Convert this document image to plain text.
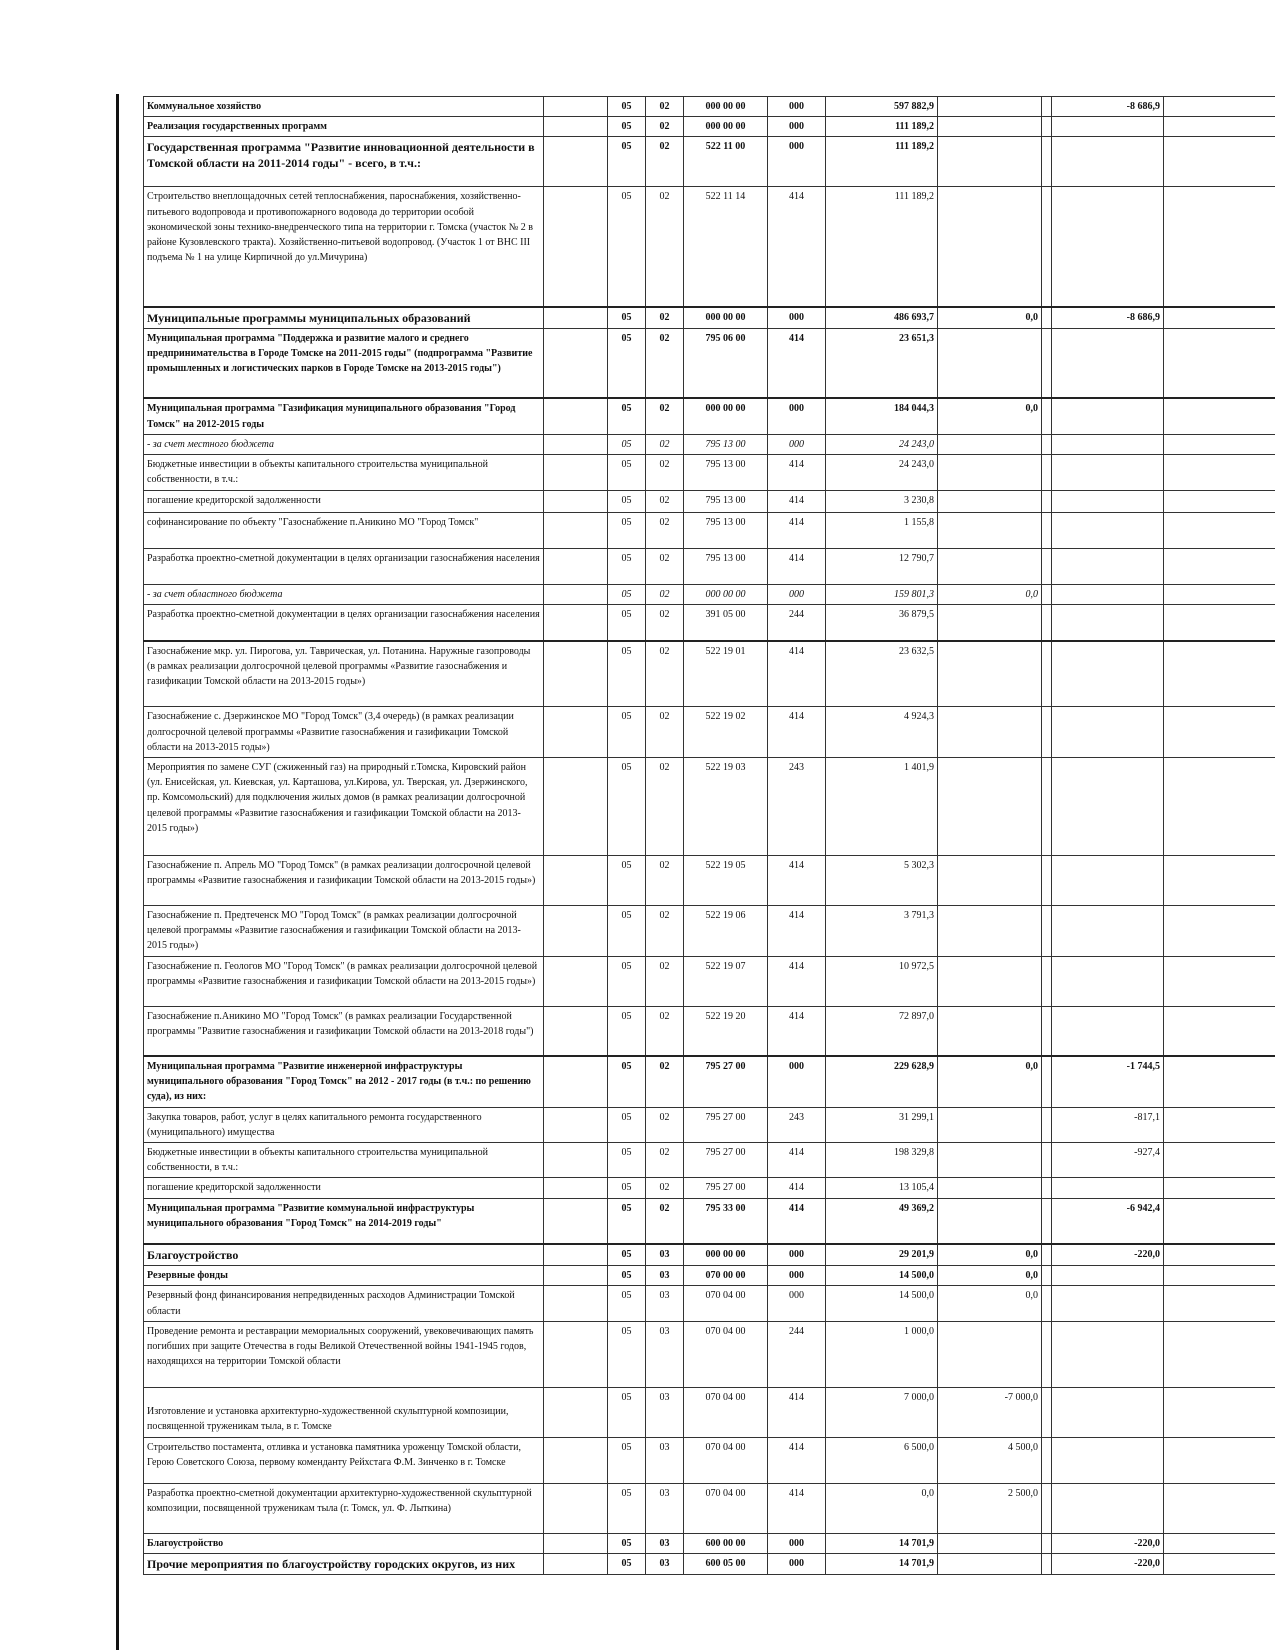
Коммунальное хозяйство		05	02	000 00 00	000	597 882,9			-8 686,9	
Реализация государственных программ		05	02	000 00 00	000	111 189,2				
Государственная программа "Развитие инновационной деятельности в Томской области на 2011-2014 годы" - всего, в т.ч.:		05	02	522 11 00	000	111 189,2				
Строительство внеплощадочных сетей теплоснабжения, пароснабжения, хозяйственно-питьевого водопровода и противопожарного водовода до территории особой экономической зоны технико-внедренческого типа на территории г. Томска (участок № 2 в районе Кузовлевского тракта). Хозяйственно-питьевой водопровод. (Участок 1 от ВНС III подъема № 1 на улице Кирпичной до ул.Мичурина)		05	02	522 11 14	414	111 189,2				
Муниципальные программы муниципальных образований		05	02	000 00 00	000	486 693,7	0,0		-8 686,9	
Муниципальная программа "Поддержка и развитие малого и среднего предпринимательства в Городе Томске на 2011-2015 годы" (подпрограмма "Развитие промышленных и логистических парков в Городе Томске на 2013-2015 годы")		05	02	795 06 00	414	23 651,3				
Муниципальная программа "Газификация муниципального образования "Город Томск" на 2012-2015 годы		05	02	000 00 00	000	184 044,3	0,0			
- за счет местного бюджета		05	02	795 13 00	000	24 243,0				
Бюджетные инвестиции в объекты капитального строительства муниципальной собственности, в т.ч.:		05	02	795 13 00	414	24 243,0				
погашение кредиторской задолженности		05	02	795 13 00	414	3 230,8				
софинансирование по объекту "Газоснабжение п.Аникино МО "Город Томск"		05	02	795 13 00	414	1 155,8				
Разработка проектно-сметной документации в целях организации газоснабжения населения		05	02	795 13 00	414	12 790,7				
- за счет областного бюджета		05	02	000 00 00	000	159 801,3	0,0			
Разработка проектно-сметной документации в целях организации газоснабжения населения		05	02	391 05 00	244	36 879,5				
Газоснабжение мкр. ул. Пирогова, ул. Таврическая, ул. Потанина. Наружные газопроводы (в рамках реализации долгосрочной целевой программы «Развитие газоснабжения и газификации Томской области на 2013-2015 годы»)		05	02	522 19 01	414	23 632,5				
Газоснабжение с. Дзержинское МО "Город Томск" (3,4 очередь) (в рамках реализации долгосрочной целевой программы «Развитие газоснабжения и газификации Томской области на 2013-2015 годы»)		05	02	522 19 02	414	4 924,3				
Мероприятия по замене СУГ (сжиженный газ) на природный г.Томска, Кировский район (ул. Енисейская, ул. Киевская, ул. Карташова, ул.Кирова, ул. Тверская, ул. Дзержинского, пр. Комсомольский) для подключения жилых домов (в рамках реализации долгосрочной целевой программы «Развитие газоснабжения и газификации Томской области на 2013-2015 годы»)		05	02	522 19 03	243	1 401,9				
Газоснабжение п. Апрель МО "Город Томск" (в рамках реализации долгосрочной целевой программы «Развитие газоснабжения и газификации Томской области на 2013-2015 годы»)		05	02	522 19 05	414	5 302,3				
Газоснабжение п. Предтеченск МО "Город Томск" (в рамках реализации долгосрочной целевой программы «Развитие газоснабжения и газификации Томской области на 2013-2015 годы»)		05	02	522 19 06	414	3 791,3				
Газоснабжение п. Геологов МО "Город Томск" (в рамках реализации долгосрочной целевой программы «Развитие газоснабжения и газификации Томской области на 2013-2015 годы»)		05	02	522 19 07	414	10 972,5				
Газоснабжение п.Аникино МО "Город Томск" (в рамках реализации Государственной программы "Развитие газоснабжения и газификации Томской области на 2013-2018 годы")		05	02	522 19 20	414	72 897,0				
Муниципальная программа "Развитие инженерной инфраструктуры муниципального образования "Город Томск" на 2012 - 2017 годы (в т.ч.: по решению суда), из них:		05	02	795 27 00	000	229 628,9	0,0		-1 744,5	
Закупка товаров, работ, услуг в целях капитального ремонта государственного (муниципального) имущества		05	02	795 27 00	243	31 299,1			-817,1	
Бюджетные инвестиции в объекты капитального строительства муниципальной собственности, в т.ч.:		05	02	795 27 00	414	198 329,8			-927,4	
погашение кредиторской задолженности		05	02	795 27 00	414	13 105,4				
Муниципальная программа "Развитие коммунальной инфраструктуры муниципального образования "Город Томск" на 2014-2019 годы"		05	02	795 33 00	414	49 369,2			-6 942,4	
Благоустройство		05	03	000 00 00	000	29 201,9	0,0		-220,0	
Резервные фонды		05	03	070 00 00	000	14 500,0	0,0			
Резервный фонд финансирования непредвиденных расходов Администрации Томской области		05	03	070 04 00	000	14 500,0	0,0			
Проведение ремонта и реставрации мемориальных сооружений, увековечивающих память погибших при защите Отечества в годы Великой Отечественной войны 1941-1945 годов, находящихся на территории Томской области		05	03	070 04 00	244	1 000,0				
Изготовление и установка архитектурно-художественной скульптурной композиции, посвященной труженикам тыла, в г. Томске		05	03	070 04 00	414	7 000,0	-7 000,0			
Строительство постамента, отливка и установка памятника уроженцу Томской области, Герою Советского Союза, первому коменданту Рейхстага Ф.М. Зинченко в г. Томске		05	03	070 04 00	414	6 500,0	4 500,0			
Разработка проектно-сметной документации архитектурно-художественной скульптурной композиции, посвященной труженикам тыла (г. Томск, ул. Ф. Лыткина)		05	03	070 04 00	414	0,0	2 500,0			
Благоустройство		05	03	600 00 00	000	14 701,9			-220,0	
Прочие мероприятия по благоустройству городских округов, из них		05	03	600 05 00	000	14 701,9			-220,0	
